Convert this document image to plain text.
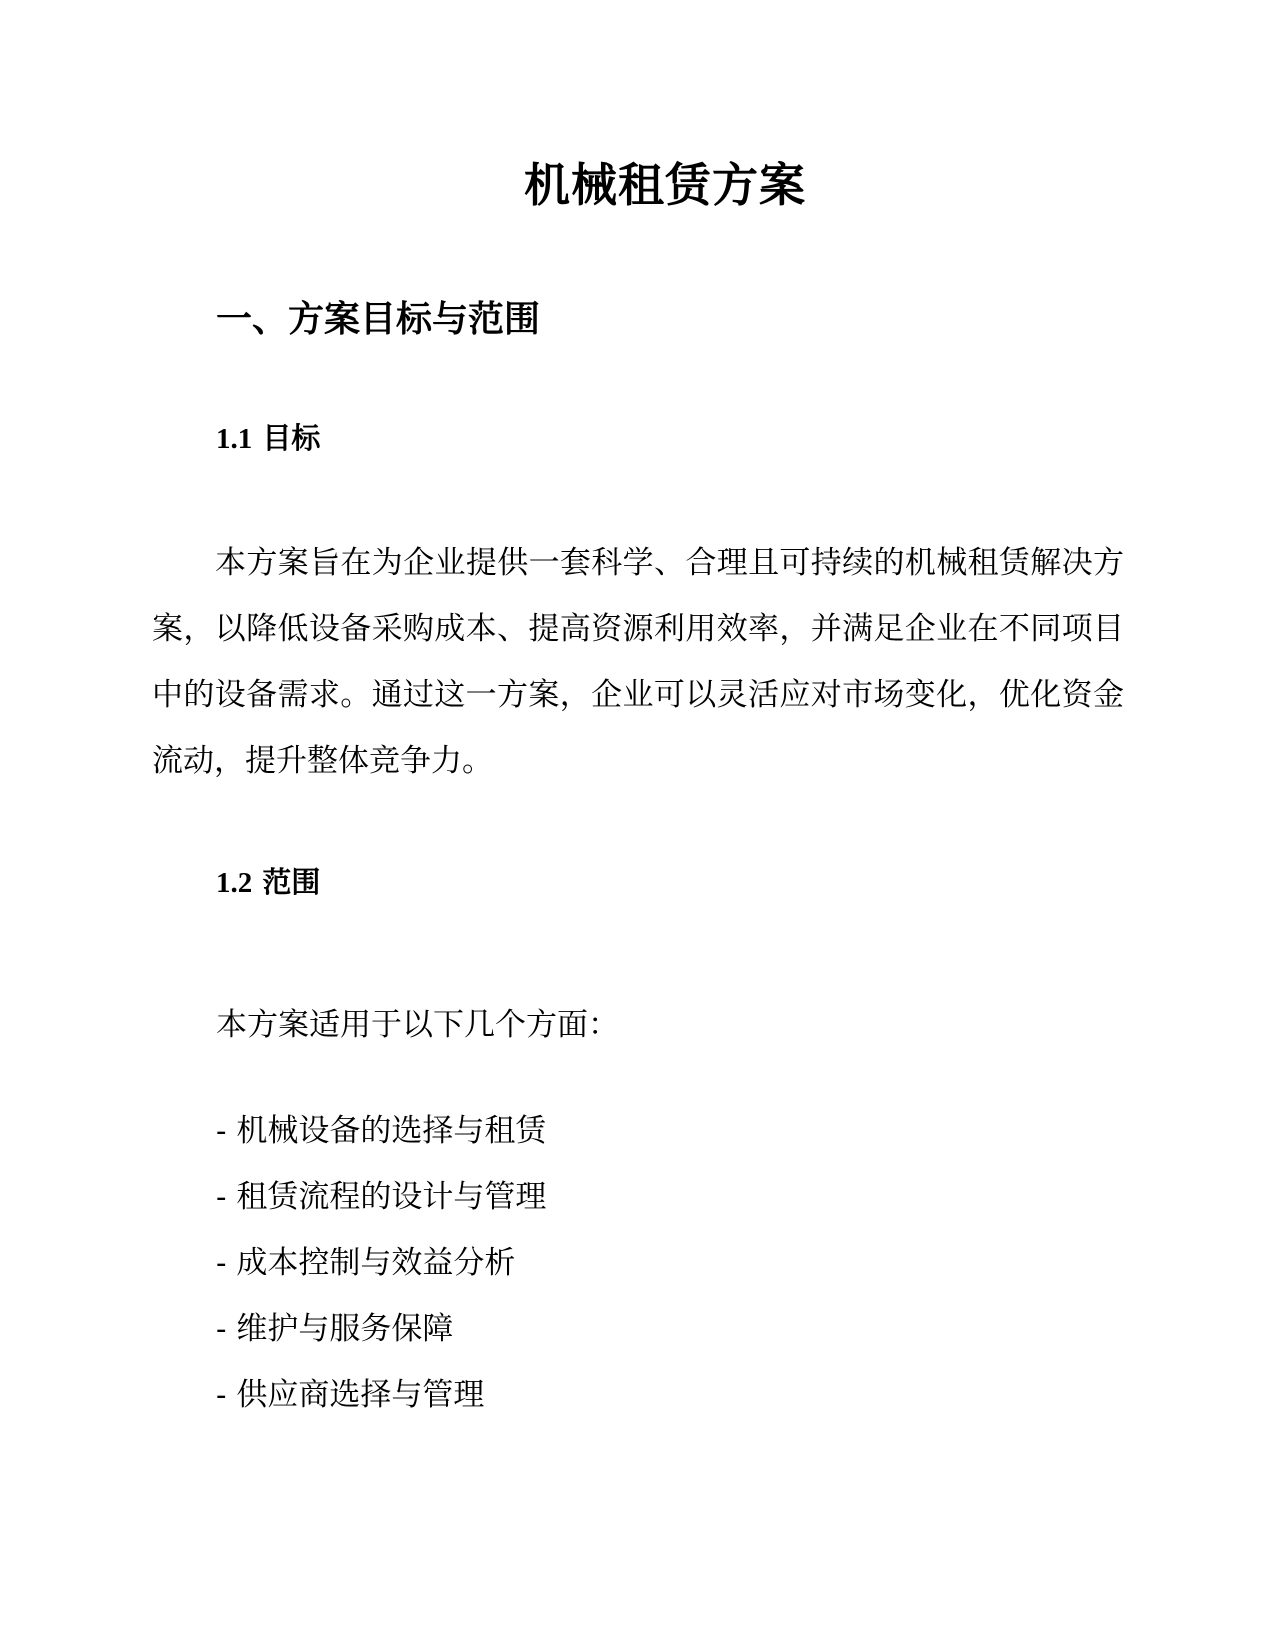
机械租赁方案
一、方案目标与范围
1.1 目标

本方案旨在为企业提供一套科学、合理且可持续的机械租赁解决方案，以降低设备采购成本、提高资源利用效率，并满足企业在不同项目中的设备需求。通过这一方案，企业可以灵活应对市场变化，优化资金流动，提升整体竞争力。

1.2 范围

本方案适用于以下几个方面：

- 机械设备的选择与租赁
- 租赁流程的设计与管理
- 成本控制与效益分析
- 维护与服务保障
- 供应商选择与管理
